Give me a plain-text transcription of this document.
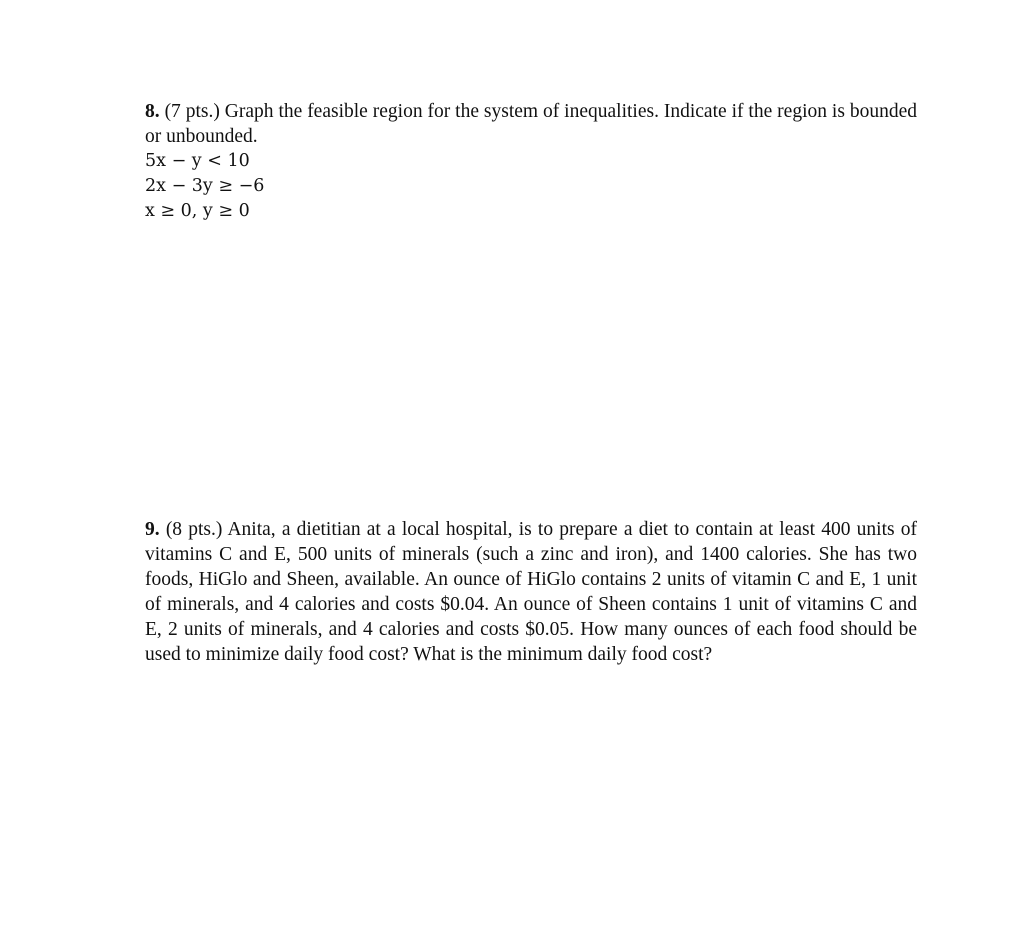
8. (7 pts.) Graph the feasible region for the system of inequalities. Indicate if the region is bounded or unbounded.

5x − y < 10
2x − 3y ≥ −6
x ≥ 0, y ≥ 0

9. (8 pts.) Anita, a dietitian at a local hospital, is to prepare a diet to contain at least 400 units of vitamins C and E, 500 units of minerals (such a zinc and iron), and 1400 calories. She has two foods, HiGlo and Sheen, available. An ounce of HiGlo contains 2 units of vitamin C and E, 1 unit of minerals, and 4 calories and costs $0.04. An ounce of Sheen contains 1 unit of vitamins C and E, 2 units of minerals, and 4 calories and costs $0.05. How many ounces of each food should be used to minimize daily food cost? What is the minimum daily food cost?
